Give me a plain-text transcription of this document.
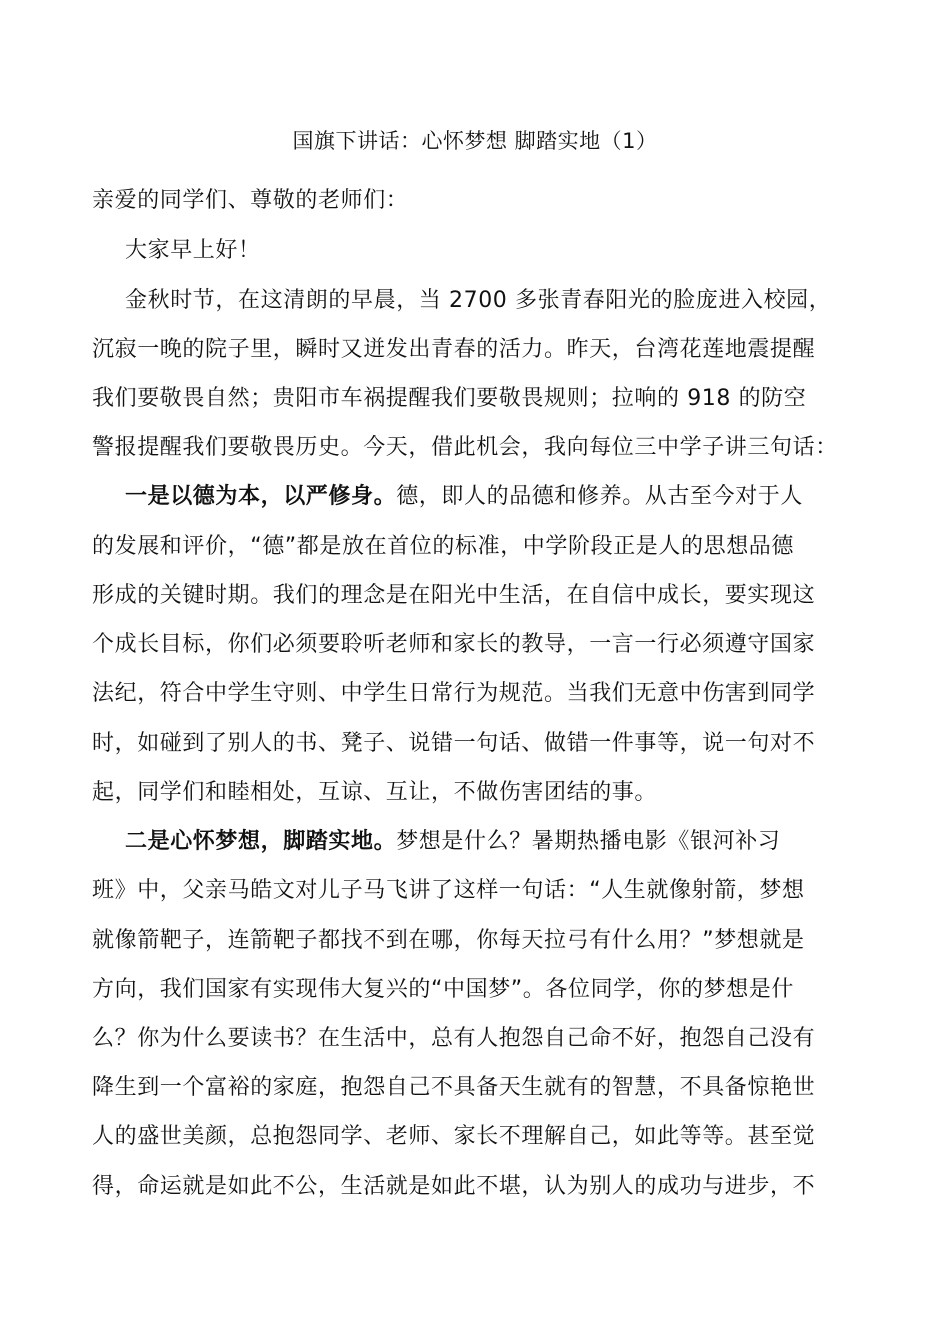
国旗下讲话：心怀梦想 脚踏实地（1）
亲爱的同学们、尊敬的老师们：
大家早上好！
金秋时节，在这清朗的早晨，当 2700 多张青春阳光的脸庞进入校园，
沉寂一晚的院子里，瞬时又迸发出青春的活力。昨天，台湾花莲地震提醒
我们要敬畏自然；贵阳市车祸提醒我们要敬畏规则；拉响的 918 的防空
警报提醒我们要敬畏历史。今天，借此机会，我向每位三中学子讲三句话：
一是以德为本，以严修身。德，即人的品德和修养。从古至今对于人
的发展和评价，“德”都是放在首位的标准，中学阶段正是人的思想品德
形成的关键时期。我们的理念是在阳光中生活，在自信中成长，要实现这
个成长目标，你们必须要聆听老师和家长的教导，一言一行必须遵守国家
法纪，符合中学生守则、中学生日常行为规范。当我们无意中伤害到同学
时，如碰到了别人的书、凳子、说错一句话、做错一件事等，说一句对不
起，同学们和睦相处，互谅、互让，不做伤害团结的事。
二是心怀梦想，脚踏实地。梦想是什么？暑期热播电影《银河补习
班》中，父亲马皓文对儿子马飞讲了这样一句话：“人生就像射箭，梦想
就像箭靶子，连箭靶子都找不到在哪，你每天拉弓有什么用？”梦想就是
方向，我们国家有实现伟大复兴的“中国梦”。各位同学，你的梦想是什
么？你为什么要读书？在生活中，总有人抱怨自己命不好，抱怨自己没有
降生到一个富裕的家庭，抱怨自己不具备天生就有的智慧，不具备惊艳世
人的盛世美颜，总抱怨同学、老师、家长不理解自己，如此等等。甚至觉
得，命运就是如此不公，生活就是如此不堪，认为别人的成功与进步，不
